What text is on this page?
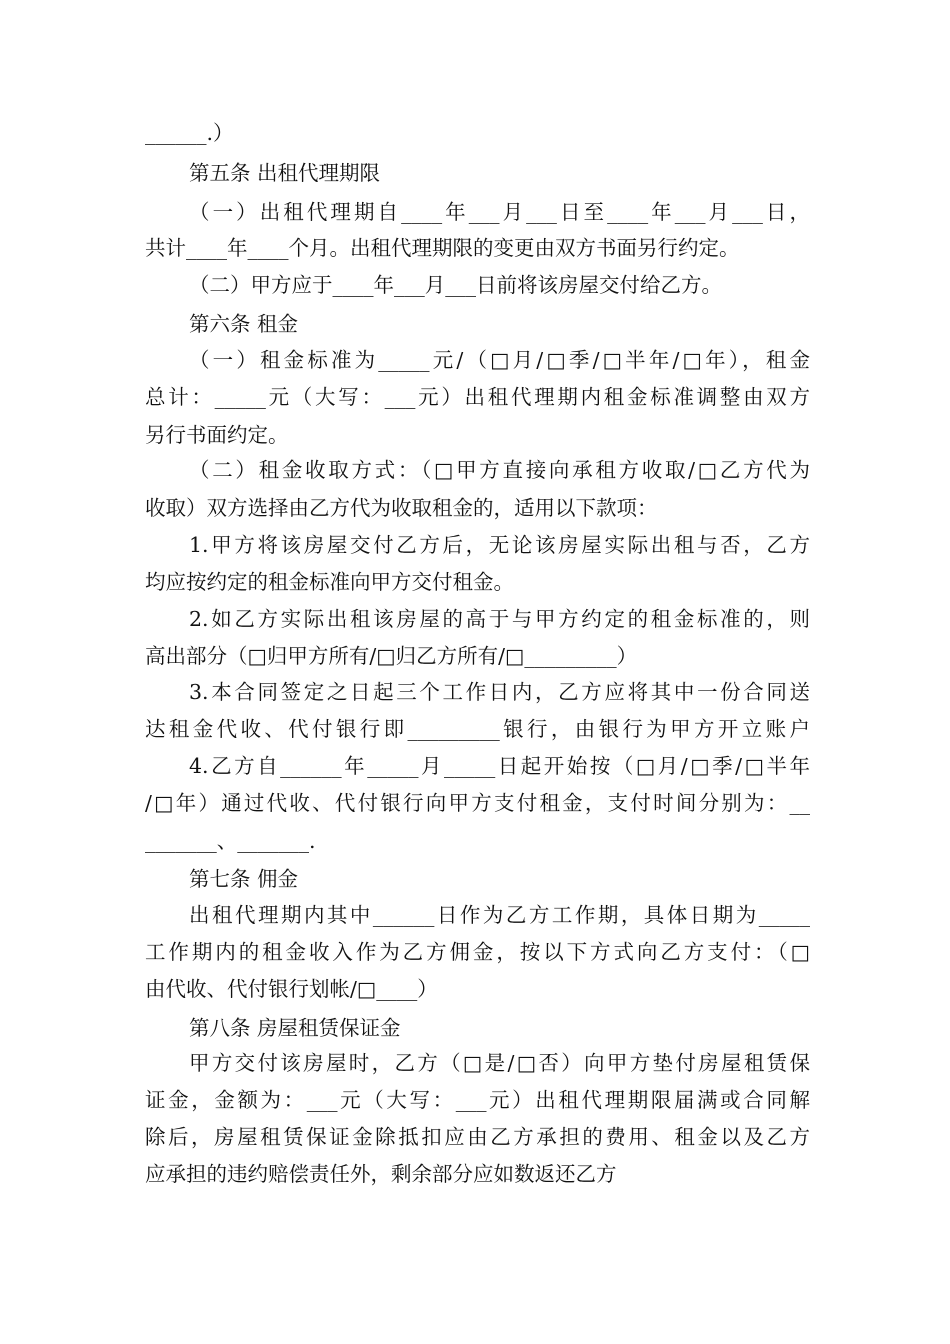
______.）
第五条 出租代理期限
（一）出租代理期自____年___月___日至____年___月___日，
共计____年____个月。出租代理期限的变更由双方书面另行约定。
（二）甲方应于____年___月___日前将该房屋交付给乙方。
第六条 租金
（一）租金标准为_____元/（□月/□季/□半年/□年），租金
总计：_____元（大写：___元）出租代理期内租金标准调整由双方
另行书面约定。
（二）租金收取方式：（□甲方直接向承租方收取/□乙方代为
收取）双方选择由乙方代为收取租金的，适用以下款项：
1.甲方将该房屋交付乙方后，无论该房屋实际出租与否，乙方
均应按约定的租金标准向甲方交付租金。
2.如乙方实际出租该房屋的高于与甲方约定的租金标准的，则
高出部分（□归甲方所有/□归乙方所有/□_________）
3.本合同签定之日起三个工作日内，乙方应将其中一份合同送
达租金代收、代付银行即_________银行，由银行为甲方开立账户
4.乙方自______年_____月_____日起开始按（□月/□季/□半年
/□年）通过代收、代付银行向甲方支付租金，支付时间分别为：__
_______、_______.
第七条 佣金
出租代理期内其中______日作为乙方工作期，具体日期为_____
工作期内的租金收入作为乙方佣金，按以下方式向乙方支付：（□
由代收、代付银行划帐/□____）
第八条 房屋租赁保证金
甲方交付该房屋时，乙方（□是/□否）向甲方垫付房屋租赁保
证金，金额为：___元（大写：___元）出租代理期限届满或合同解
除后，房屋租赁保证金除抵扣应由乙方承担的费用、租金以及乙方
应承担的违约赔偿责任外，剩余部分应如数返还乙方
